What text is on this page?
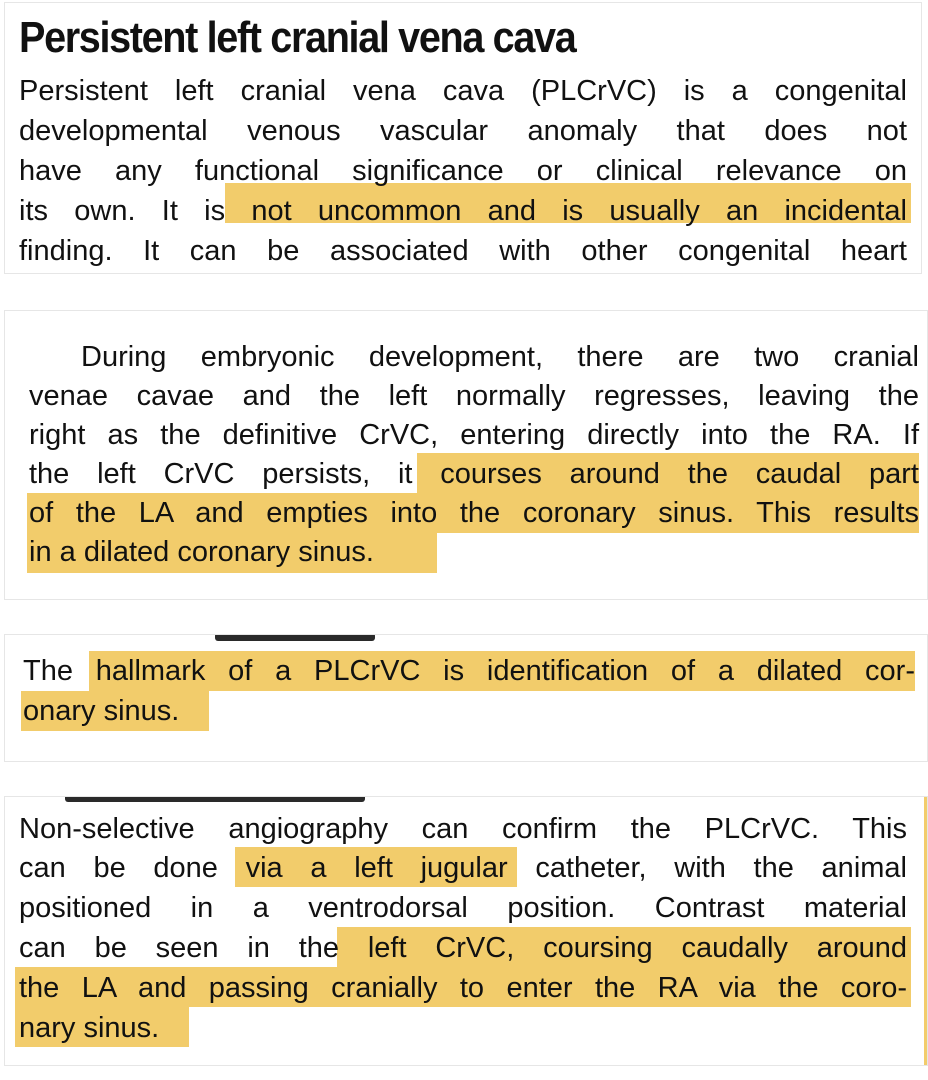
Persistent left cranial vena cava
Persistent left cranial vena cava (PLCrVC) is a congenital
developmental venous vascular anomaly that does not
have any functional significance or clinical relevance on
its own. It is not uncommon and is usually an incidental
finding. It can be associated with other congenital heart
During embryonic development, there are two cranial
venae cavae and the left normally regresses, leaving the
right as the definitive CrVC, entering directly into the RA. If
the left CrVC persists, it courses around the caudal part
of the LA and empties into the coronary sinus. This results
in a dilated coronary sinus.
The hallmark of a PLCrVC is identification of a dilated cor-
onary sinus.
Non-selective angiography can confirm the PLCrVC. This
can be done via a left jugular catheter, with the animal
positioned in a ventrodorsal position. Contrast material
can be seen in the left CrVC, coursing caudally around
the LA and passing cranially to enter the RA via the coro-
nary sinus.
